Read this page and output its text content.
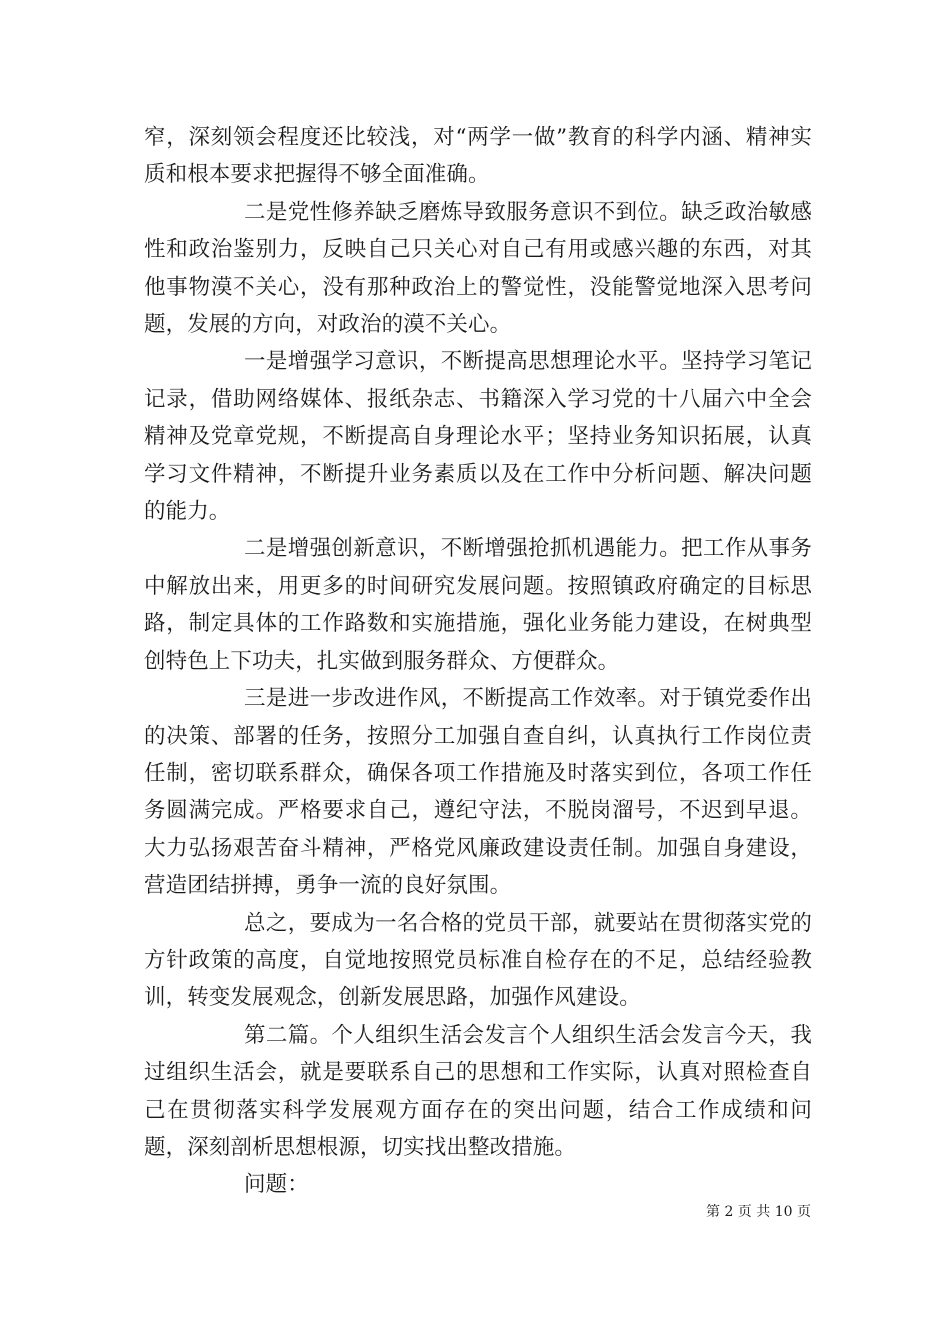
窄，深刻领会程度还比较浅，对“两学一做”教育的科学内涵、精神实质和根本要求把握得不够全面准确。

二是党性修养缺乏磨炼导致服务意识不到位。缺乏政治敏感性和政治鉴别力，反映自己只关心对自己有用或感兴趣的东西，对其他事物漠不关心，没有那种政治上的警觉性，没能警觉地深入思考问题，发展的方向，对政治的漠不关心。

一是增强学习意识，不断提高思想理论水平。坚持学习笔记记录，借助网络媒体、报纸杂志、书籍深入学习党的十八届六中全会精神及党章党规，不断提高自身理论水平；坚持业务知识拓展，认真学习文件精神，不断提升业务素质以及在工作中分析问题、解决问题的能力。

二是增强创新意识，不断增强抢抓机遇能力。把工作从事务中解放出来，用更多的时间研究发展问题。按照镇政府确定的目标思路，制定具体的工作路数和实施措施，强化业务能力建设，在树典型创特色上下功夫，扎实做到服务群众、方便群众。

三是进一步改进作风，不断提高工作效率。对于镇党委作出的决策、部署的任务，按照分工加强自查自纠，认真执行工作岗位责任制，密切联系群众，确保各项工作措施及时落实到位，各项工作任务圆满完成。严格要求自己，遵纪守法，不脱岗溜号，不迟到早退。大力弘扬艰苦奋斗精神，严格党风廉政建设责任制。加强自身建设，营造团结拼搏，勇争一流的良好氛围。

总之，要成为一名合格的党员干部，就要站在贯彻落实党的方针政策的高度，自觉地按照党员标准自检存在的不足，总结经验教训，转变发展观念，创新发展思路，加强作风建设。

第二篇。个人组织生活会发言个人组织生活会发言今天，我过组织生活会，就是要联系自己的思想和工作实际，认真对照检查自己在贯彻落实科学发展观方面存在的突出问题，结合工作成绩和问题，深刻剖析思想根源，切实找出整改措施。

问题：

第 2 页 共 10 页
